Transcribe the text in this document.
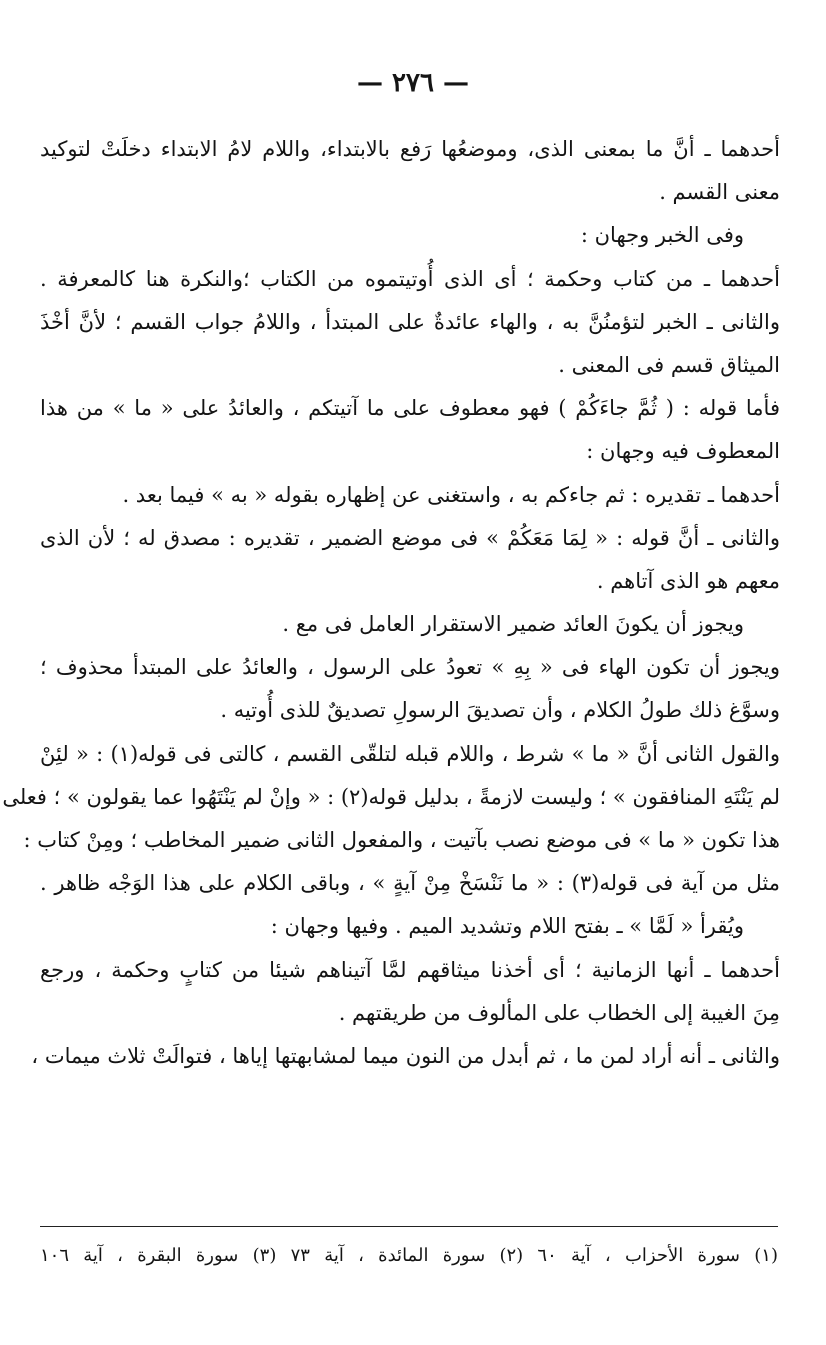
— ٢٧٦ —
أحدهما ـ أنَّ ما بمعنى الذى، وموضعُها رَفع بالابتداء، واللام لامُ الابتداء دخلَتْ لتوكيد
معنى القسم .
وفى الخبر وجهان :
أحدهما ـ من كتاب وحكمة ؛ أى الذى أُوتيتموه من الكتاب ؛والنكرة هنا كالمعرفة .
والثانى ـ الخبر لتؤمنُنَّ به ، والهاء عائدةٌ على المبتدأ ، واللامُ جواب القسم ؛ لأنَّ أخْذَ
الميثاق قسم فى المعنى .
فأما قوله : ( ثُمَّ جاءَكُمْ ) فهو معطوف على ما آتيتكم ، والعائدُ على « ما » من هذا
المعطوف فيه وجهان :
أحدهما ـ تقديره : ثم جاءكم به ، واستغنى عن إظهاره بقوله « به » فيما بعد .
والثانى ـ أنَّ قوله : « لِمَا مَعَكُمْ » فى موضع الضمير ، تقديره : مصدق له ؛ لأن الذى
معهم هو الذى آتاهم .
ويجوز أن يكونَ العائد ضمير الاستقرار العامل فى مع .
ويجوز أن تكون الهاء فى « بِهِ » تعودُ على الرسول ، والعائدُ على المبتدأ محذوف ؛
وسوَّغ ذلك طولُ الكلام ، وأن تصديقَ الرسولِ تصديقٌ للذى أُوتيه .
والقول الثانى أنَّ « ما » شرط ، واللام قبله لتلقّى القسم ، كالتى فى قوله(١) : « لئِنْ
لم يَنْتَهِ المنافقون » ؛ وليست لازمةً ، بدليل قوله(٢) : « وإنْ لم يَنْتَهُوا عما يقولون » ؛ فعلى
هذا تكون « ما » فى موضع نصب بآتيت ، والمفعول الثانى ضمير المخاطب ؛ ومِنْ كتاب :
مثل من آية فى قوله(٣) : « ما نَنْسَخْ مِنْ آيةٍ » ، وباقى الكلام على هذا الوَجْه ظاهر .
ويُقرأ « لَمَّا » ـ بفتح اللام وتشديد الميم . وفيها وجهان :
أحدهما ـ أنها الزمانية ؛ أى أخذنا ميثاقهم لمَّا آتيناهم شيئا من كتابٍ وحكمة ، ورجع
مِنَ الغيبة إلى الخطاب على المألوف من طريقتهم .
والثانى ـ أنه أراد لمن ما ، ثم أبدل من النون ميما لمشابهتها إياها ، فتوالَتْ ثلاث ميمات ،
(١) سورة الأحزاب ، آية ٦٠ (٢) سورة المائدة ، آية ٧٣ (٣) سورة البقرة ، آية ١٠٦
